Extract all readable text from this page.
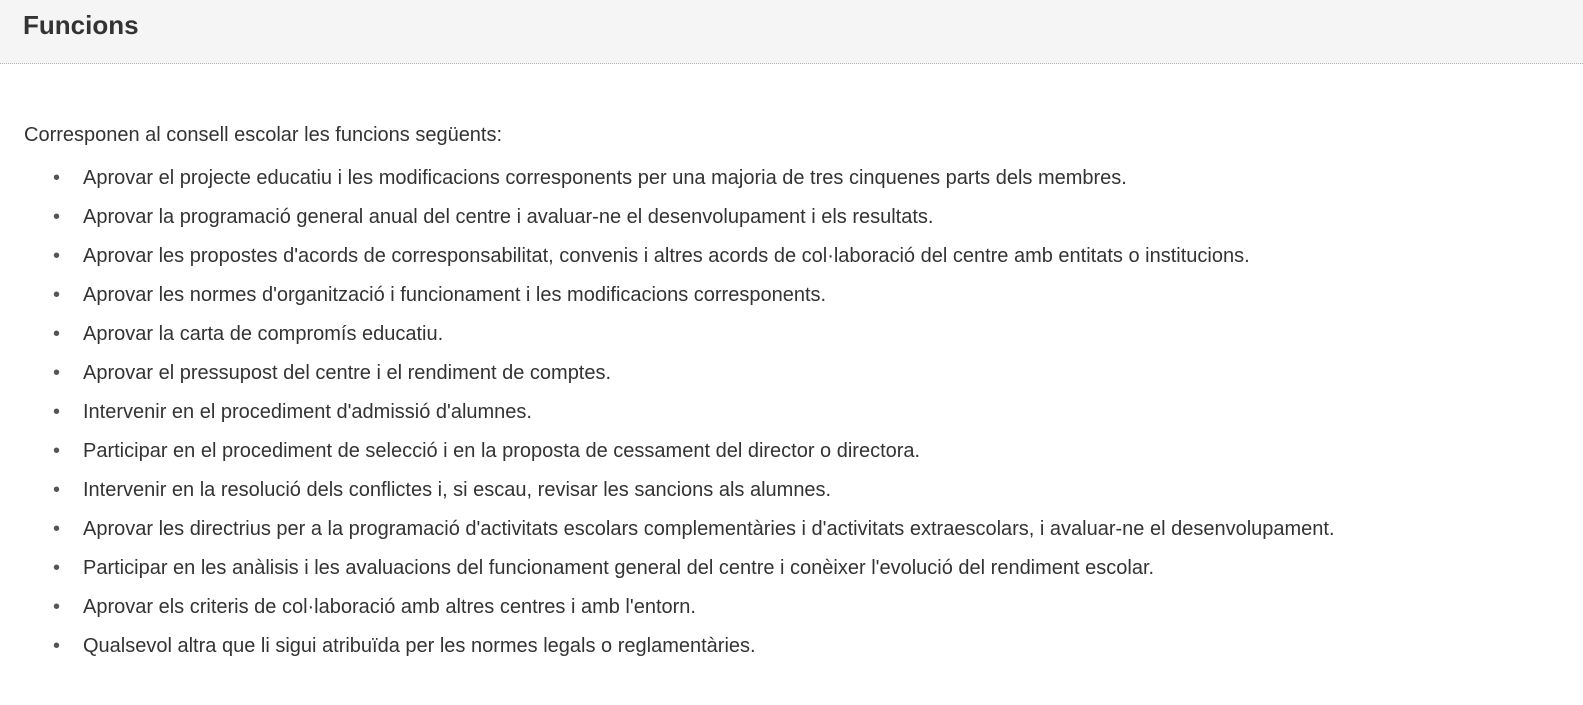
Funcions

Corresponen al consell escolar les funcions següents:

• Aprovar el projecte educatiu i les modificacions corresponents per una majoria de tres cinquenes parts dels membres.
• Aprovar la programació general anual del centre i avaluar-ne el desenvolupament i els resultats.
• Aprovar les propostes d'acords de corresponsabilitat, convenis i altres acords de col·laboració del centre amb entitats o institucions.
• Aprovar les normes d'organització i funcionament i les modificacions corresponents.
• Aprovar la carta de compromís educatiu.
• Aprovar el pressupost del centre i el rendiment de comptes.
• Intervenir en el procediment d'admissió d'alumnes.
• Participar en el procediment de selecció i en la proposta de cessament del director o directora.
• Intervenir en la resolució dels conflictes i, si escau, revisar les sancions als alumnes.
• Aprovar les directrius per a la programació d'activitats escolars complementàries i d'activitats extraescolars, i avaluar-ne el desenvolupament.
• Participar en les anàlisis i les avaluacions del funcionament general del centre i conèixer l'evolució del rendiment escolar.
• Aprovar els criteris de col·laboració amb altres centres i amb l'entorn.
• Qualsevol altra que li sigui atribuïda per les normes legals o reglamentàries.
